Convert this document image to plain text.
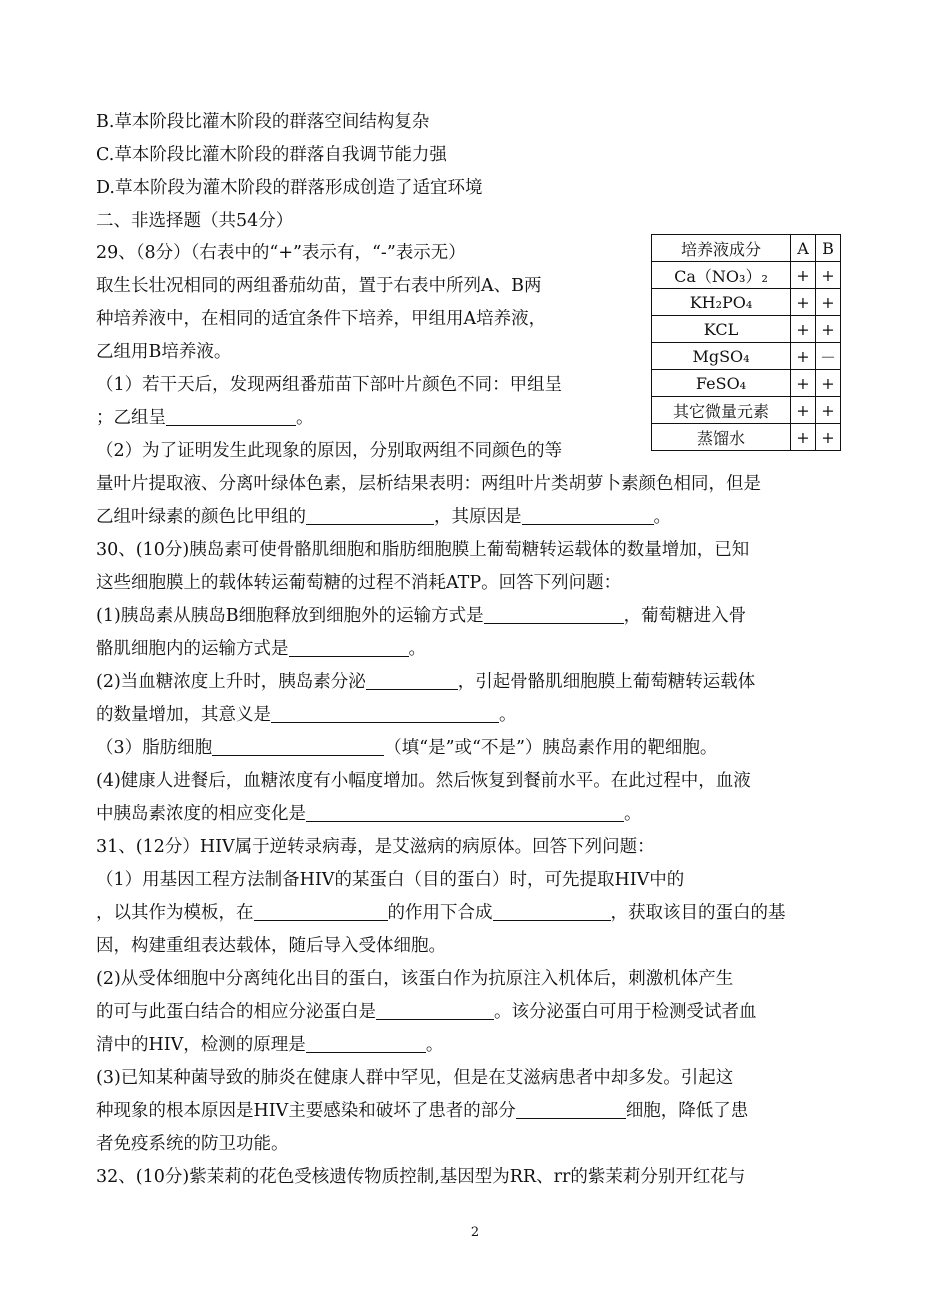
B.草本阶段比灌木阶段的群落空间结构复杂
C.草本阶段比灌木阶段的群落自我调节能力强
D.草本阶段为灌木阶段的群落形成创造了适宜环境
二、非选择题（共54分）
29、（8分）（右表中的“+”表示有，“-”表示无）
取生长壮况相同的两组番茄幼苗，置于右表中所列A、B两
种培养液中，在相同的适宜条件下培养，甲组用A培养液，
乙组用B培养液。
（1）若干天后，发现两组番茄苗下部叶片颜色不同：甲组呈
；乙组呈	。
（2）为了证明发生此现象的原因，分别取两组不同颜色的等
量叶片提取液、分离叶绿体色素，层析结果表明：两组叶片类胡萝卜素颜色相同，但是
乙组叶绿素的颜色比甲组的	，其原因是	。
培养液成分	A	B
Ca（NO₃）₂	+	+
KH₂PO₄	+	+
KCL	+	+
MgSO₄	+	－
FeSO₄	+	+
其它微量元素	+	+
蒸馏水	+	+
30、(10分)胰岛素可使骨骼肌细胞和脂肪细胞膜上葡萄糖转运载体的数量增加，已知
这些细胞膜上的载体转运葡萄糖的过程不消耗ATP。回答下列问题：
(1)胰岛素从胰岛B细胞释放到细胞外的运输方式是	，葡萄糖进入骨
骼肌细胞内的运输方式是	。
(2)当血糖浓度上升时，胰岛素分泌	，引起骨骼肌细胞膜上葡萄糖转运载体
的数量增加，其意义是	。
（3）脂肪细胞	（填“是”或“不是”）胰岛素作用的靶细胞。
(4)健康人进餐后，血糖浓度有小幅度增加。然后恢复到餐前水平。在此过程中，血液
中胰岛素浓度的相应变化是	。
31、(12分）HIV属于逆转录病毒，是艾滋病的病原体。回答下列问题：
（1）用基因工程方法制备HIV的某蛋白（目的蛋白）时，可先提取HIV中的
，以其作为模板，在	的作用下合成	，获取该目的蛋白的基
因，构建重组表达载体，随后导入受体细胞。
(2)从受体细胞中分离纯化出目的蛋白，该蛋白作为抗原注入机体后，刺激机体产生
的可与此蛋白结合的相应分泌蛋白是	。该分泌蛋白可用于检测受试者血
清中的HIV，检测的原理是	。
(3)已知某种菌导致的肺炎在健康人群中罕见，但是在艾滋病患者中却多发。引起这
种现象的根本原因是HIV主要感染和破坏了患者的部分	细胞，降低了患
者免疫系统的防卫功能。
32、(10分)紫茉莉的花色受核遗传物质控制,基因型为RR、rr的紫茉莉分别开红花与
2
